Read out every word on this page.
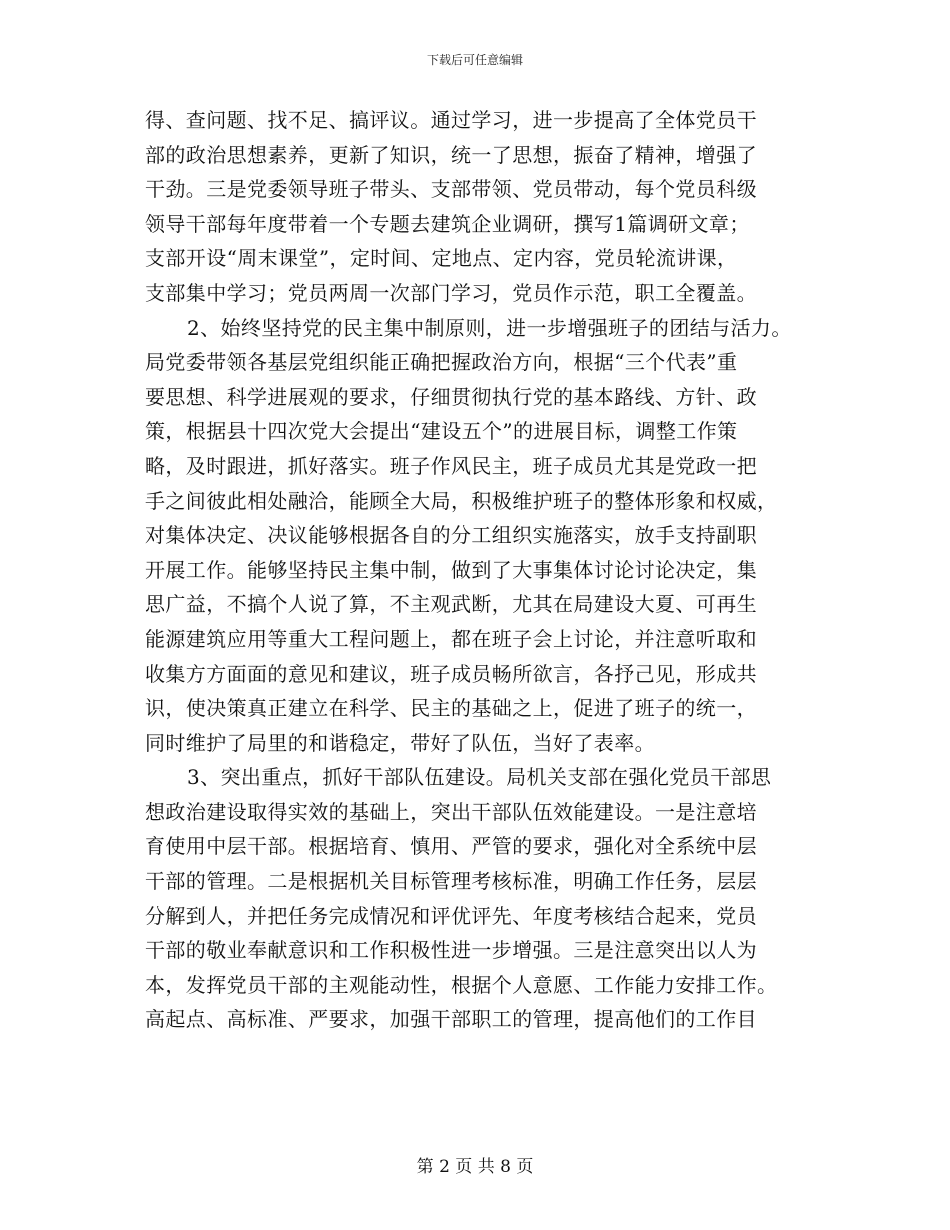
下载后可任意编辑
得、查问题、找不足、搞评议。通过学习，进一步提高了全体党员干
部的政治思想素养，更新了知识，统一了思想，振奋了精神，增强了
干劲。三是党委领导班子带头、支部带领、党员带动，每个党员科级
领导干部每年度带着一个专题去建筑企业调研，撰写1篇调研文章；
支部开设“周末课堂”，定时间、定地点、定内容，党员轮流讲课，
支部集中学习；党员两周一次部门学习，党员作示范，职工全覆盖。
2、始终坚持党的民主集中制原则，进一步增强班子的团结与活力。
局党委带领各基层党组织能正确把握政治方向，根据“三个代表”重
要思想、科学进展观的要求，仔细贯彻执行党的基本路线、方针、政
策，根据县十四次党大会提出“建设五个”的进展目标，调整工作策
略，及时跟进，抓好落实。班子作风民主，班子成员尤其是党政一把
手之间彼此相处融洽，能顾全大局，积极维护班子的整体形象和权威，
对集体决定、决议能够根据各自的分工组织实施落实，放手支持副职
开展工作。能够坚持民主集中制，做到了大事集体讨论讨论决定，集
思广益，不搞个人说了算，不主观武断，尤其在局建设大夏、可再生
能源建筑应用等重大工程问题上，都在班子会上讨论，并注意听取和
收集方方面面的意见和建议，班子成员畅所欲言，各抒己见，形成共
识，使决策真正建立在科学、民主的基础之上，促进了班子的统一，
同时维护了局里的和谐稳定，带好了队伍，当好了表率。
3、突出重点，抓好干部队伍建设。局机关支部在强化党员干部思
想政治建设取得实效的基础上，突出干部队伍效能建设。一是注意培
育使用中层干部。根据培育、慎用、严管的要求，强化对全系统中层
干部的管理。二是根据机关目标管理考核标准，明确工作任务，层层
分解到人，并把任务完成情况和评优评先、年度考核结合起来，党员
干部的敬业奉献意识和工作积极性进一步增强。三是注意突出以人为
本，发挥党员干部的主观能动性，根据个人意愿、工作能力安排工作。
高起点、高标准、严要求，加强干部职工的管理，提高他们的工作目
第 2 页 共 8 页
